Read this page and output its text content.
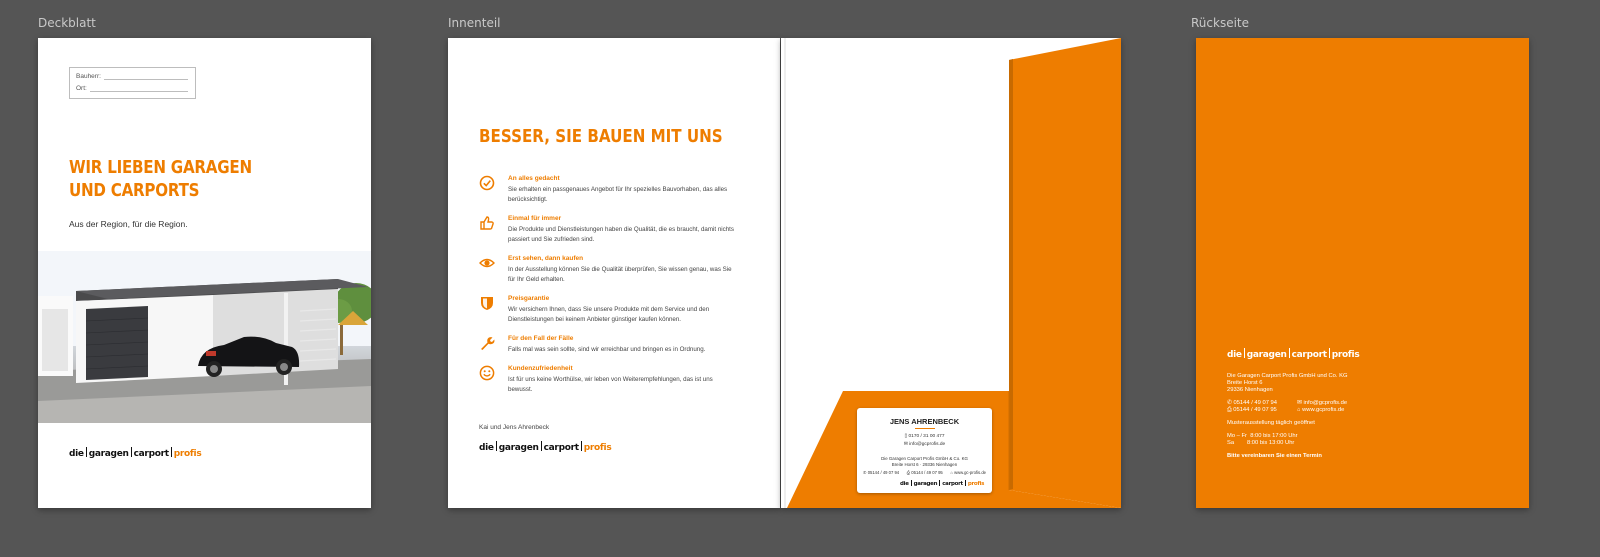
Deckblatt	Innenteil	Rückseite
Bauherr:
Ort:
WIR LIEBEN GARAGEN
UND CARPORTS
Aus der Region, für die Region.
die garagen carport profis
BESSER, SIE BAUEN MIT UNS
An alles gedacht
Sie erhalten ein passgenaues Angebot für Ihr spezielles Bauvorhaben, das alles berücksichtigt.
Einmal für immer
Die Produkte und Dienstleistungen haben die Qualität, die es braucht, damit nichts passiert und Sie zufrieden sind.
Erst sehen, dann kaufen
In der Ausstellung können Sie die Qualität überprüfen, Sie wissen genau, was Sie für Ihr Geld erhalten.
Preisgarantie
Wir versichern Ihnen, dass Sie unsere Produkte mit dem Service und den Dienstleistungen bei keinem Anbieter günstiger kaufen können.
Für den Fall der Fälle
Falls mal was sein sollte, sind wir erreichbar und bringen es in Ordnung.
Kundenzufriedenheit
Ist für uns keine Worthülse, wir leben von Weiterempfehlungen, das ist uns bewusst.
Kai und Jens Ahrenbeck
die garagen carport profis
JENS AHRENBECK
▯ 0170 / 31 00 477
✉ info@gcprofis.de
Die Garagen Carport Profis GmbH & Co. KG
Breite Horst 6 · 29336 Nienhagen
✆ 05144 / 49 07 94 ⎙ 05144 / 49 07 95 ⌂ www.gc-profis.de
die garagen carport profis
die garagen carport profis
Die Garagen Carport Profis GmbH und Co. KG
Breite Horst 6
29336 Nienhagen
✆ 05144 / 49 07 94
⎙ 05144 / 49 07 95
✉ info@gcprofis.de
⌂ www.gcprofis.de
Musterausstellung täglich geöffnet
Mo – Fr  8:00 bis 17:00 Uhr
Sa        8:00 bis 13:00 Uhr
Bitte vereinbaren Sie einen Termin
